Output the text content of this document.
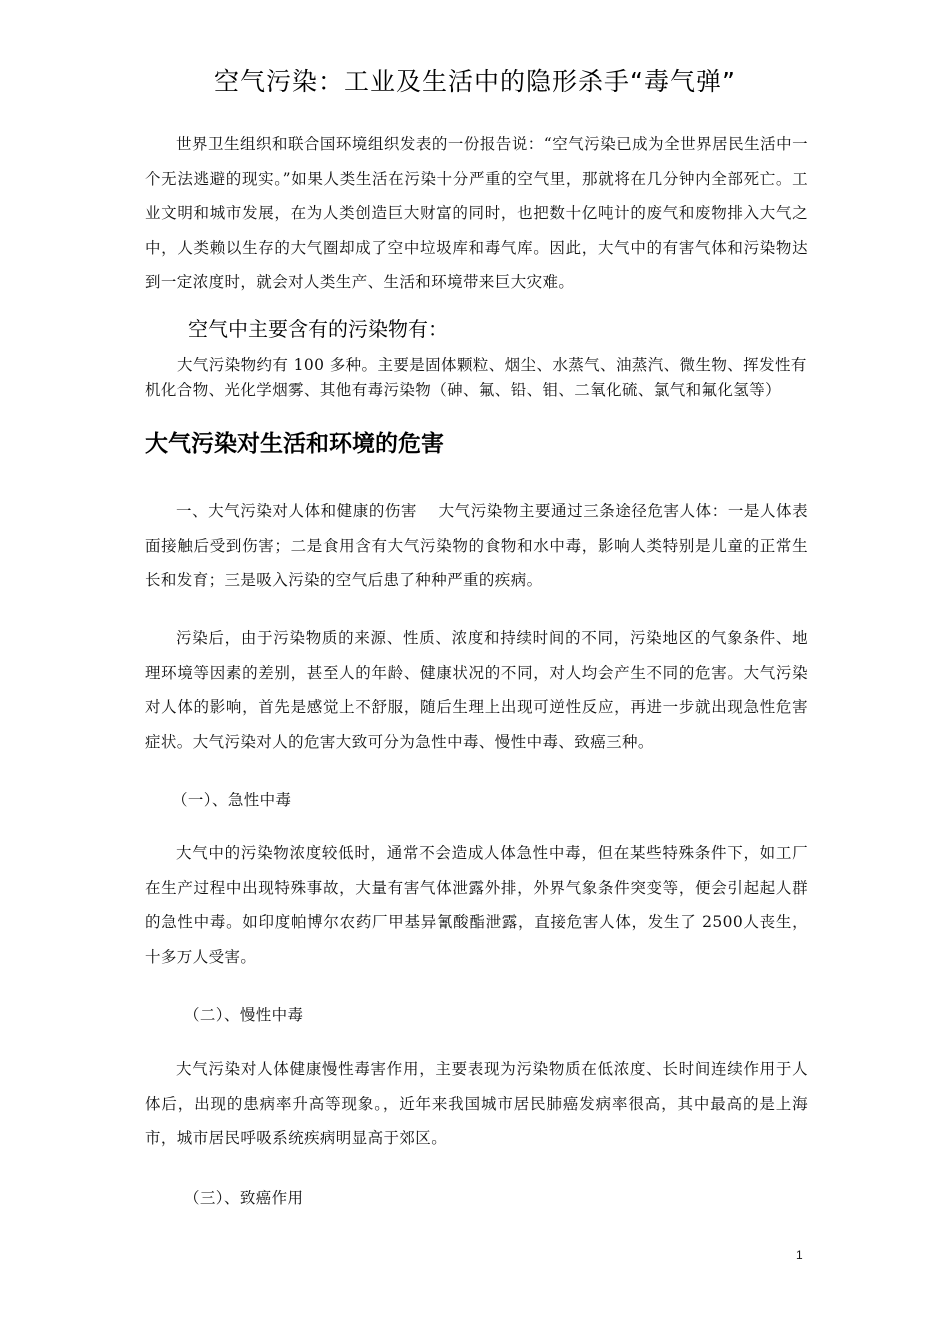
空气污染：工业及生活中的隐形杀手“毒气弹”

世界卫生组织和联合国环境组织发表的一份报告说：“空气污染已成为全世界居民生活中一个无法逃避的现实。”如果人类生活在污染十分严重的空气里，那就将在几分钟内全部死亡。工业文明和城市发展，在为人类创造巨大财富的同时，也把数十亿吨计的废气和废物排入大气之中，人类赖以生存的大气圈却成了空中垃圾库和毒气库。因此，大气中的有害气体和污染物达到一定浓度时，就会对人类生产、生活和环境带来巨大灾难。

空气中主要含有的污染物有：

大气污染物约有 100 多种。主要是固体颗粒、烟尘、水蒸气、油蒸汽、微生物、挥发性有机化合物、光化学烟雾、其他有毒污染物（砷、氟、铅、钼、二氧化硫、氯气和氟化氢等）

大气污染对生活和环境的危害

一、大气污染对人体和健康的伤害　 大气污染物主要通过三条途径危害人体：一是人体表面接触后受到伤害；二是食用含有大气污染物的食物和水中毒，影响人类特别是儿童的正常生长和发育；三是吸入污染的空气后患了种种严重的疾病。

污染后，由于污染物质的来源、性质、浓度和持续时间的不同，污染地区的气象条件、地理环境等因素的差别，甚至人的年龄、健康状况的不同，对人均会产生不同的危害。大气污染对人体的影响，首先是感觉上不舒服，随后生理上出现可逆性反应，再进一步就出现急性危害症状。大气污染对人的危害大致可分为急性中毒、慢性中毒、致癌三种。

（一）、急性中毒

大气中的污染物浓度较低时，通常不会造成人体急性中毒，但在某些特殊条件下，如工厂在生产过程中出现特殊事故，大量有害气体泄露外排，外界气象条件突变等，便会引起起人群的急性中毒。如印度帕博尔农药厂甲基异氰酸酯泄露，直接危害人体，发生了 2500人丧生，十多万人受害。

（二）、慢性中毒

大气污染对人体健康慢性毒害作用，主要表现为污染物质在低浓度、长时间连续作用于人体后，出现的患病率升高等现象。，近年来我国城市居民肺癌发病率很高，其中最高的是上海市，城市居民呼吸系统疾病明显高于郊区。

（三）、致癌作用

1
